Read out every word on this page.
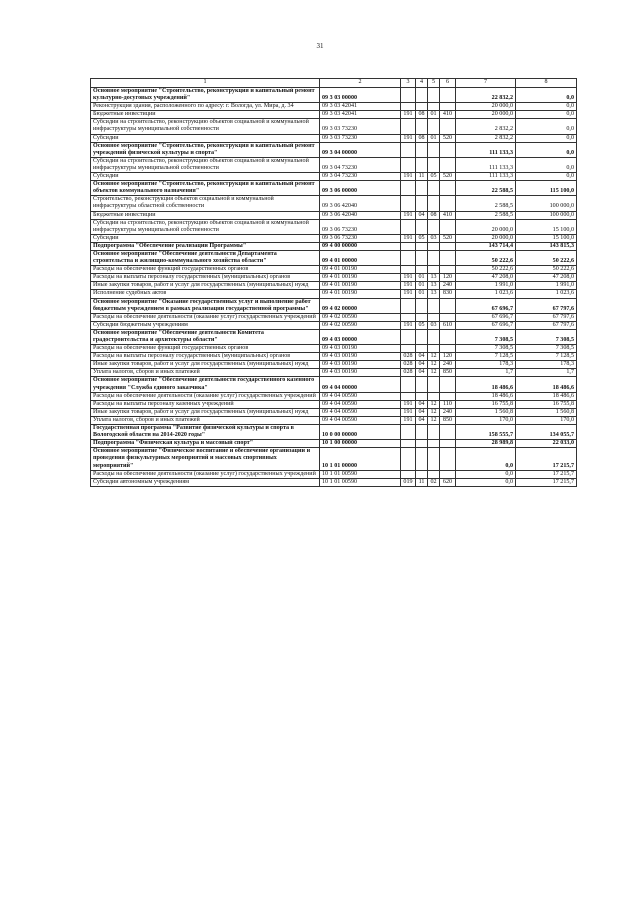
31
1	2	3	4	5	6	7	8
Основное мероприятие "Строительство, реконструкция и капитальный ремонт культурно-досуговых учреждений"	09 3 03 00000					22 832,2	0,0
Реконструкция здания, расположенного по адресу: г. Вологда, ул. Мира, д. 34	09 3 03 42041					20 000,0	0,0
Бюджетные инвестиции	09 3 03 42041	191	08	01	410	20 000,0	0,0
Субсидии на строительство, реконструкцию объектов социальной и коммунальной инфраструктуры муниципальной собственности	09 3 03 73230					2 832,2	0,0
Субсидии	09 3 03 73230	191	08	01	520	2 832,2	0,0
Основное мероприятие "Строительство, реконструкция и капитальный ремонт учреждений физической культуры и спорта"	09 3 04 00000					111 133,3	0,0
Субсидии на строительство, реконструкцию объектов социальной и коммунальной инфраструктуры муниципальной собственности	09 3 04 73230					111 133,3	0,0
Субсидии	09 3 04 73230	191	11	05	520	111 133,3	0,0
Основное мероприятие "Строительство, реконструкция и капитальный ремонт объектов коммунального назначения"	09 3 06 00000					22 588,5	115 100,0
Строительство, реконструкция объектов социальной и коммунальной инфраструктуры областной собственности	09 3 06 42040					2 588,5	100 000,0
Бюджетные инвестиции	09 3 06 42040	191	04	08	410	2 588,5	100 000,0
Субсидии на строительство, реконструкцию объектов социальной и коммунальной инфраструктуры муниципальной собственности	09 3 06 73230					20 000,0	15 100,0
Субсидии	09 3 06 73230	191	05	03	520	20 000,0	15 100,0
Подпрограмма "Обеспечение реализации Программы"	09 4 00 00000					143 714,4	143 815,3
Основное мероприятие "Обеспечение деятельности Департамента строительства и жилищно-коммунального хозяйства области"	09 4 01 00000					50 222,6	50 222,6
Расходы на обеспечение функций государственных органов	09 4 01 00190					50 222,6	50 222,6
Расходы на выплаты персоналу государственных (муниципальных) органов	09 4 01 00190	191	01	13	120	47 208,0	47 208,0
Иные закупки товаров, работ и услуг для государственных (муниципальных) нужд	09 4 01 00190	191	01	13	240	1 991,0	1 991,0
Исполнение судебных актов	09 4 01 00190	191	01	13	830	1 023,6	1 023,6
Основное мероприятие "Оказание государственных услуг и выполнение работ бюджетным учреждением в рамках реализации государственной программы"	09 4 02 00000					67 696,7	67 797,6
Расходы на обеспечение деятельности (оказание услуг) государственных учреждений	09 4 02 00590					67 696,7	67 797,6
Субсидии бюджетным учреждениям	09 4 02 00590	191	05	03	610	67 696,7	67 797,6
Основное мероприятие "Обеспечение деятельности Комитета градостроительства и архитектуры области"	09 4 03 00000					7 308,5	7 308,5
Расходы на обеспечение функций государственных органов	09 4 03 00190					7 308,5	7 308,5
Расходы на выплаты персоналу государственных (муниципальных) органов	09 4 03 00190	028	04	12	120	7 128,5	7 128,5
Иные закупки товаров, работ и услуг для государственных (муниципальных) нужд	09 4 03 00190	028	04	12	240	178,3	178,3
Уплата налогов, сборов и иных платежей	09 4 03 00190	028	04	12	850	1,7	1,7
Основное мероприятие "Обеспечение деятельности государственного казенного учреждения "Служба единого заказчика"	09 4 04 00000					18 486,6	18 486,6
Расходы на обеспечение деятельности (оказание услуг) государственных учреждений	09 4 04 00590					18 486,6	18 486,6
Расходы на выплаты персоналу казенных учреждений	09 4 04 00590	191	04	12	110	16 755,8	16 755,8
Иные закупки товаров, работ и услуг для государственных (муниципальных) нужд	09 4 04 00590	191	04	12	240	1 560,8	1 560,8
Уплата налогов, сборов и иных платежей	09 4 04 00590	191	04	12	850	170,0	170,0
Государственная программа "Развитие физической культуры и спорта в Вологодской области на 2014-2020 годы"	10 0 00 00000					158 555,7	134 055,7
Подпрограмма "Физическая культура и массовый спорт"	10 1 00 00000					28 989,8	22 033,0
Основное мероприятие "Физическое воспитание и обеспечение организации и проведения физкультурных мероприятий и массовых спортивных мероприятий"	10 1 01 00000					0,0	17 215,7
Расходы на обеспечение деятельности (оказание услуг) государственных учреждений	10 1 01 00590					0,0	17 215,7
Субсидии автономным учреждениям	10 1 01 00590	019	11	02	620	0,0	17 215,7
